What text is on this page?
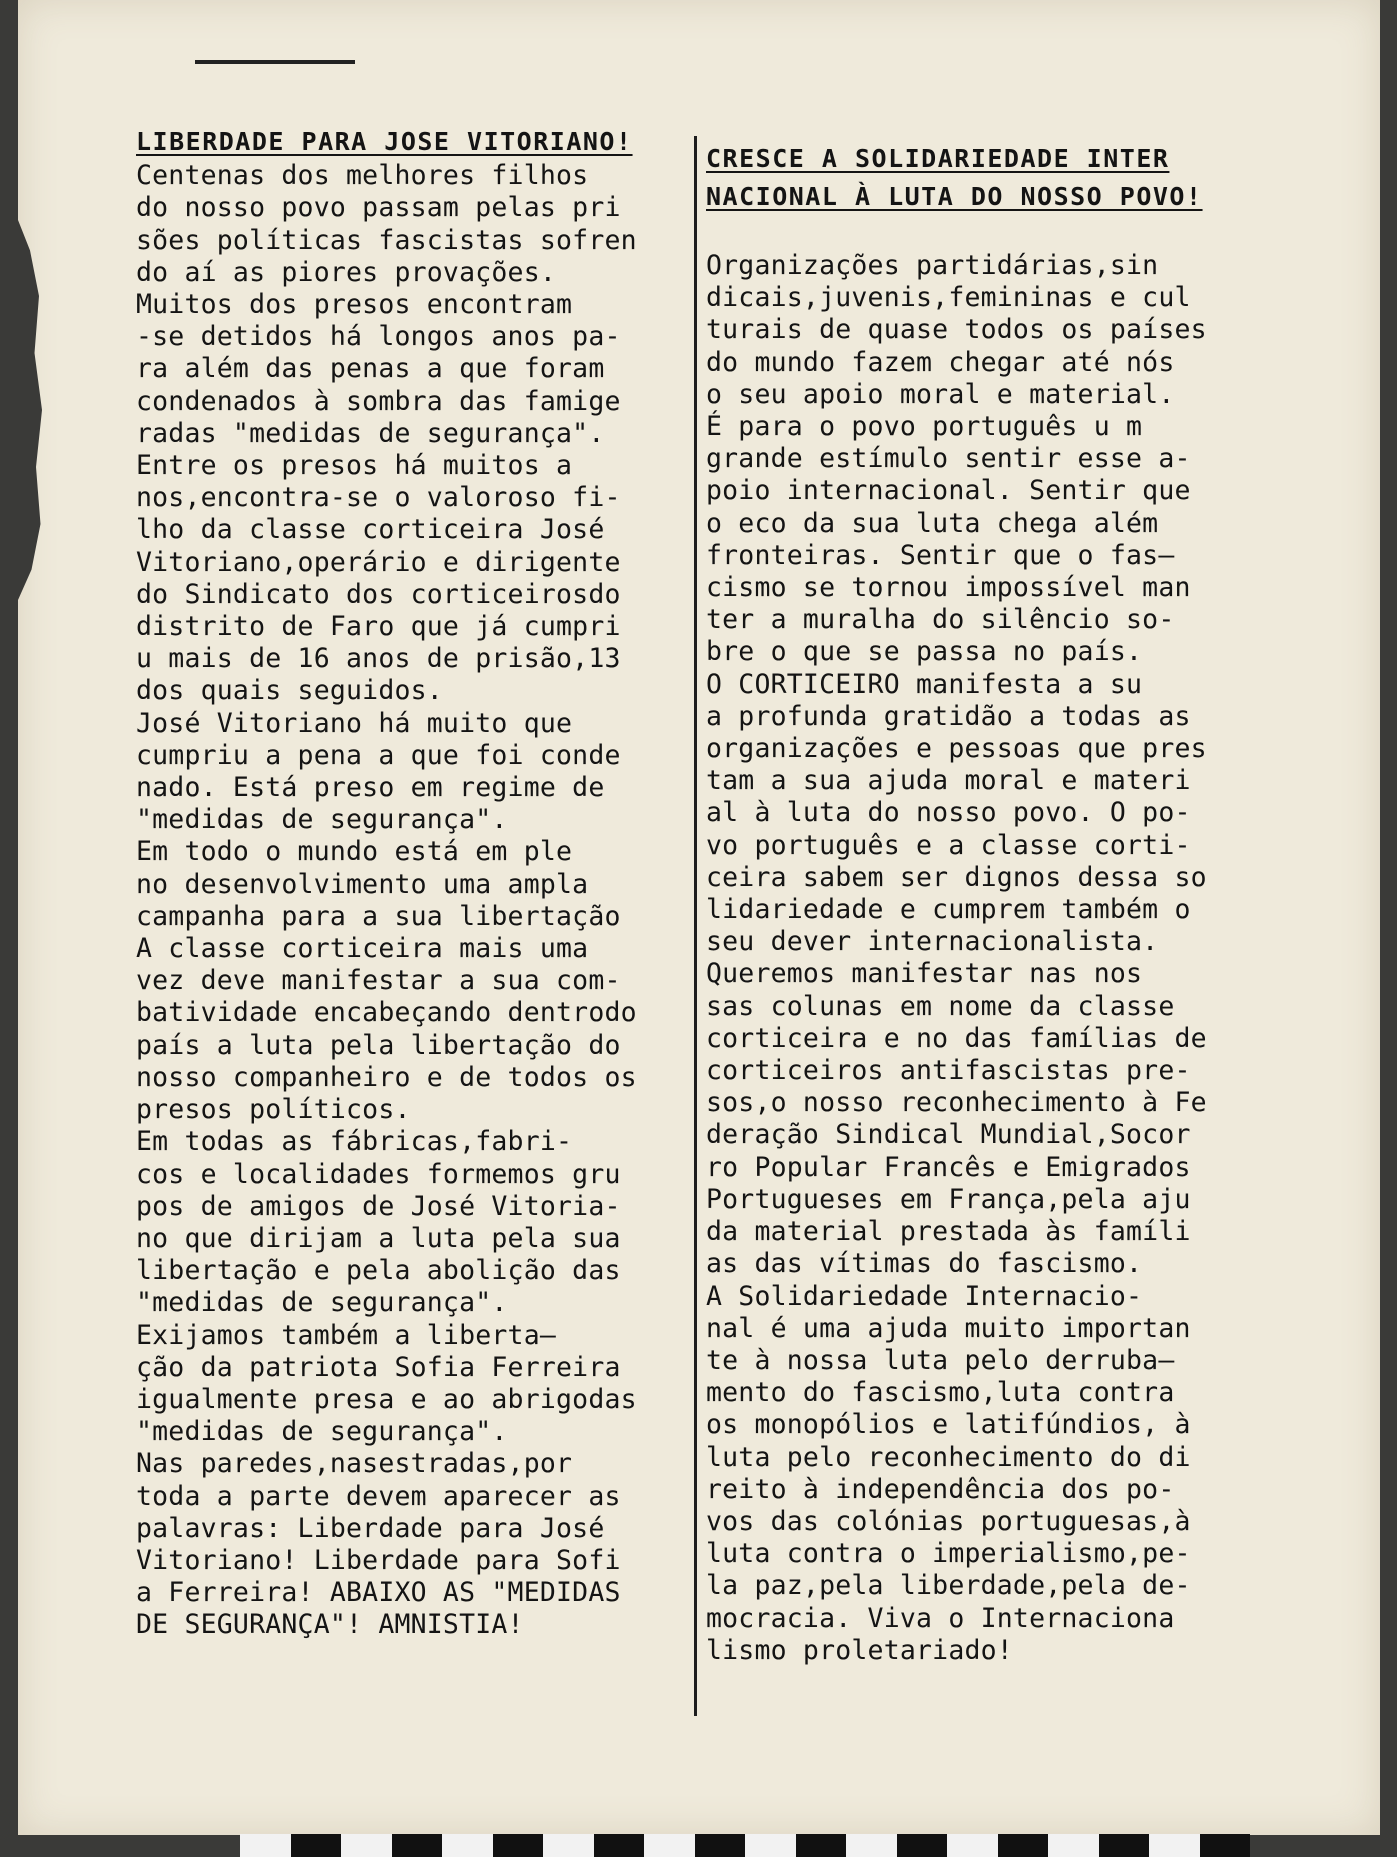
LIBERDADE PARA JOSE VITORIANO!

Centenas dos melhores filhos
do nosso povo passam pelas pri
sões políticas fascistas sofren
do aí as piores provações.
Muitos dos presos encontram
-se detidos há longos anos pa-
ra além das penas a que foram
condenados à sombra das famige
radas "medidas de segurança".
Entre os presos há muitos a
nos,encontra-se o valoroso fi-
lho da classe corticeira José
Vitoriano,operário e dirigente
do Sindicato dos corticeirosdo
distrito de Faro que já cumpri
u mais de 16 anos de prisão,13
dos quais seguidos.
José Vitoriano há muito que
cumpriu a pena a que foi conde
nado. Está preso em regime de
"medidas de segurança".
Em todo o mundo está em ple
no desenvolvimento uma ampla
campanha para a sua libertação
A classe corticeira mais uma
vez deve manifestar a sua com-
batividade encabeçando dentrodo
país a luta pela libertação do
nosso companheiro e de todos os
presos políticos.
Em todas as fábricas,fabri-
cos e localidades formemos gru
pos de amigos de José Vitoria-
no que dirijam a luta pela sua
libertação e pela abolição das
"medidas de segurança".
Exijamos também a liberta—
ção da patriota Sofia Ferreira
igualmente presa e ao abrigodas
"medidas de segurança".
Nas paredes,nasestradas,por
toda a parte devem aparecer as
palavras: Liberdade para José
Vitoriano! Liberdade para Sofi
a Ferreira! ABAIXO AS "MEDIDAS
DE SEGURANÇA"! AMNISTIA!
CRESCE A SOLIDARIEDADE INTER
NACIONAL À LUTA DO NOSSO POVO!
Organizações partidárias,sin
dicais,juvenis,femininas e cul
turais de quase todos os países
do mundo fazem chegar até nós
o seu apoio moral e material.
É para o povo português u m
grande estímulo sentir esse a-
poio internacional. Sentir que
o eco da sua luta chega além
fronteiras. Sentir que o fas—
cismo se tornou impossível man
ter a muralha do silêncio so-
bre o que se passa no país.
O CORTICEIRO manifesta a su
a profunda gratidão a todas as
organizações e pessoas que pres
tam a sua ajuda moral e materi
al à luta do nosso povo. O po-
vo português e a classe corti-
ceira sabem ser dignos dessa so
lidariedade e cumprem também o
seu dever internacionalista.
Queremos manifestar nas nos
sas colunas em nome da classe
corticeira e no das famílias de
corticeiros antifascistas pre-
sos,o nosso reconhecimento à Fe
deração Sindical Mundial,Socor
ro Popular Francês e Emigrados
Portugueses em França,pela aju
da material prestada às famíli
as das vítimas do fascismo.
A Solidariedade Internacio-
nal é uma ajuda muito importan
te à nossa luta pelo derruba—
mento do fascismo,luta contra
os monopólios e latifúndios, à
luta pelo reconhecimento do di
reito à independência dos po-
vos das colónias portuguesas,à
luta contra o imperialismo,pe-
la paz,pela liberdade,pela de-
mocracia. Viva o Internaciona
lismo proletariado!
